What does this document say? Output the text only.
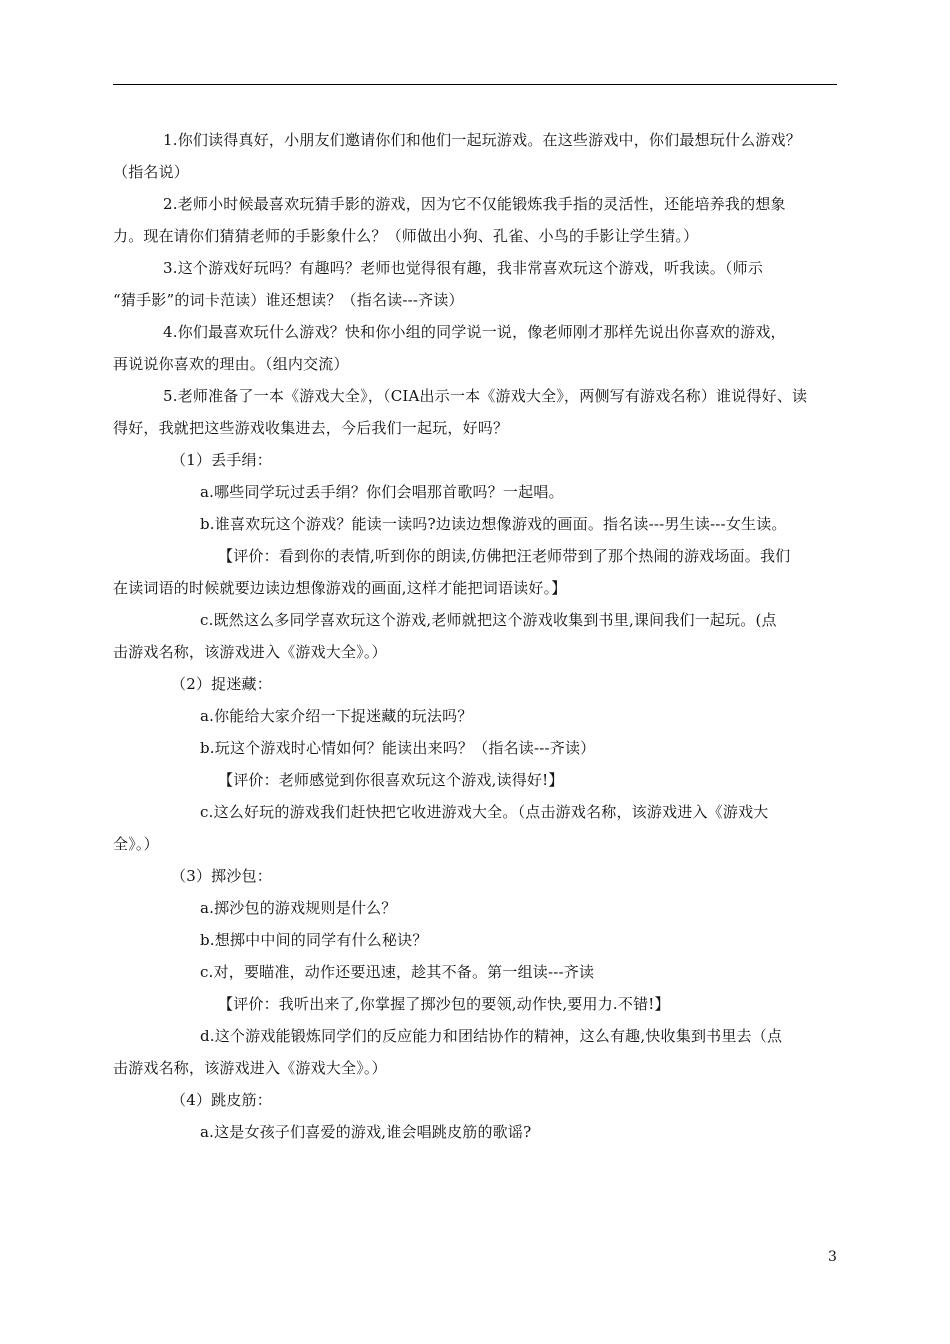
1.你们读得真好，小朋友们邀请你们和他们一起玩游戏。在这些游戏中，你们最想玩什么游戏？
（指名说）
2.老师小时候最喜欢玩猜手影的游戏，因为它不仅能锻炼我手指的灵活性，还能培养我的想象
力。现在请你们猜猜老师的手影象什么？（师做出小狗、孔雀、小鸟的手影让学生猜。）
3.这个游戏好玩吗？有趣吗？老师也觉得很有趣，我非常喜欢玩这个游戏，听我读。（师示
“猜手影”的词卡范读）谁还想读？（指名读---齐读）
4.你们最喜欢玩什么游戏？快和你小组的同学说一说，像老师刚才那样先说出你喜欢的游戏，
再说说你喜欢的理由。（组内交流）
5.老师准备了一本《游戏大全》，（CIA出示一本《游戏大全》，两侧写有游戏名称）谁说得好、读
得好，我就把这些游戏收集进去，今后我们一起玩，好吗？
（1）丢手绢：
a.哪些同学玩过丢手绢？你们会唱那首歌吗？一起唱。
b.谁喜欢玩这个游戏？能读一读吗?边读边想像游戏的画面。指名读---男生读---女生读。
【评价：看到你的表情,听到你的朗读,仿佛把汪老师带到了那个热闹的游戏场面。我们
在读词语的时候就要边读边想像游戏的画面,这样才能把词语读好。】
c.既然这么多同学喜欢玩这个游戏,老师就把这个游戏收集到书里,课间我们一起玩。(点
击游戏名称，该游戏进入《游戏大全》。）
（2）捉迷藏：
a.你能给大家介绍一下捉迷藏的玩法吗？
b.玩这个游戏时心情如何？能读出来吗？（指名读---齐读）
【评价：老师感觉到你很喜欢玩这个游戏,读得好!】
c.这么好玩的游戏我们赶快把它收进游戏大全。（点击游戏名称，该游戏进入《游戏大
全》。）
（3）掷沙包：
a.掷沙包的游戏规则是什么？
b.想掷中中间的同学有什么秘诀？
c.对，要瞄准，动作还要迅速，趁其不备。第一组读---齐读
【评价：我听出来了,你掌握了掷沙包的要领,动作快,要用力.不错!】
d.这个游戏能锻炼同学们的反应能力和团结协作的精神，这么有趣,快收集到书里去（点
击游戏名称，该游戏进入《游戏大全》。）
（4）跳皮筋：
a.这是女孩子们喜爱的游戏,谁会唱跳皮筋的歌谣?
3
